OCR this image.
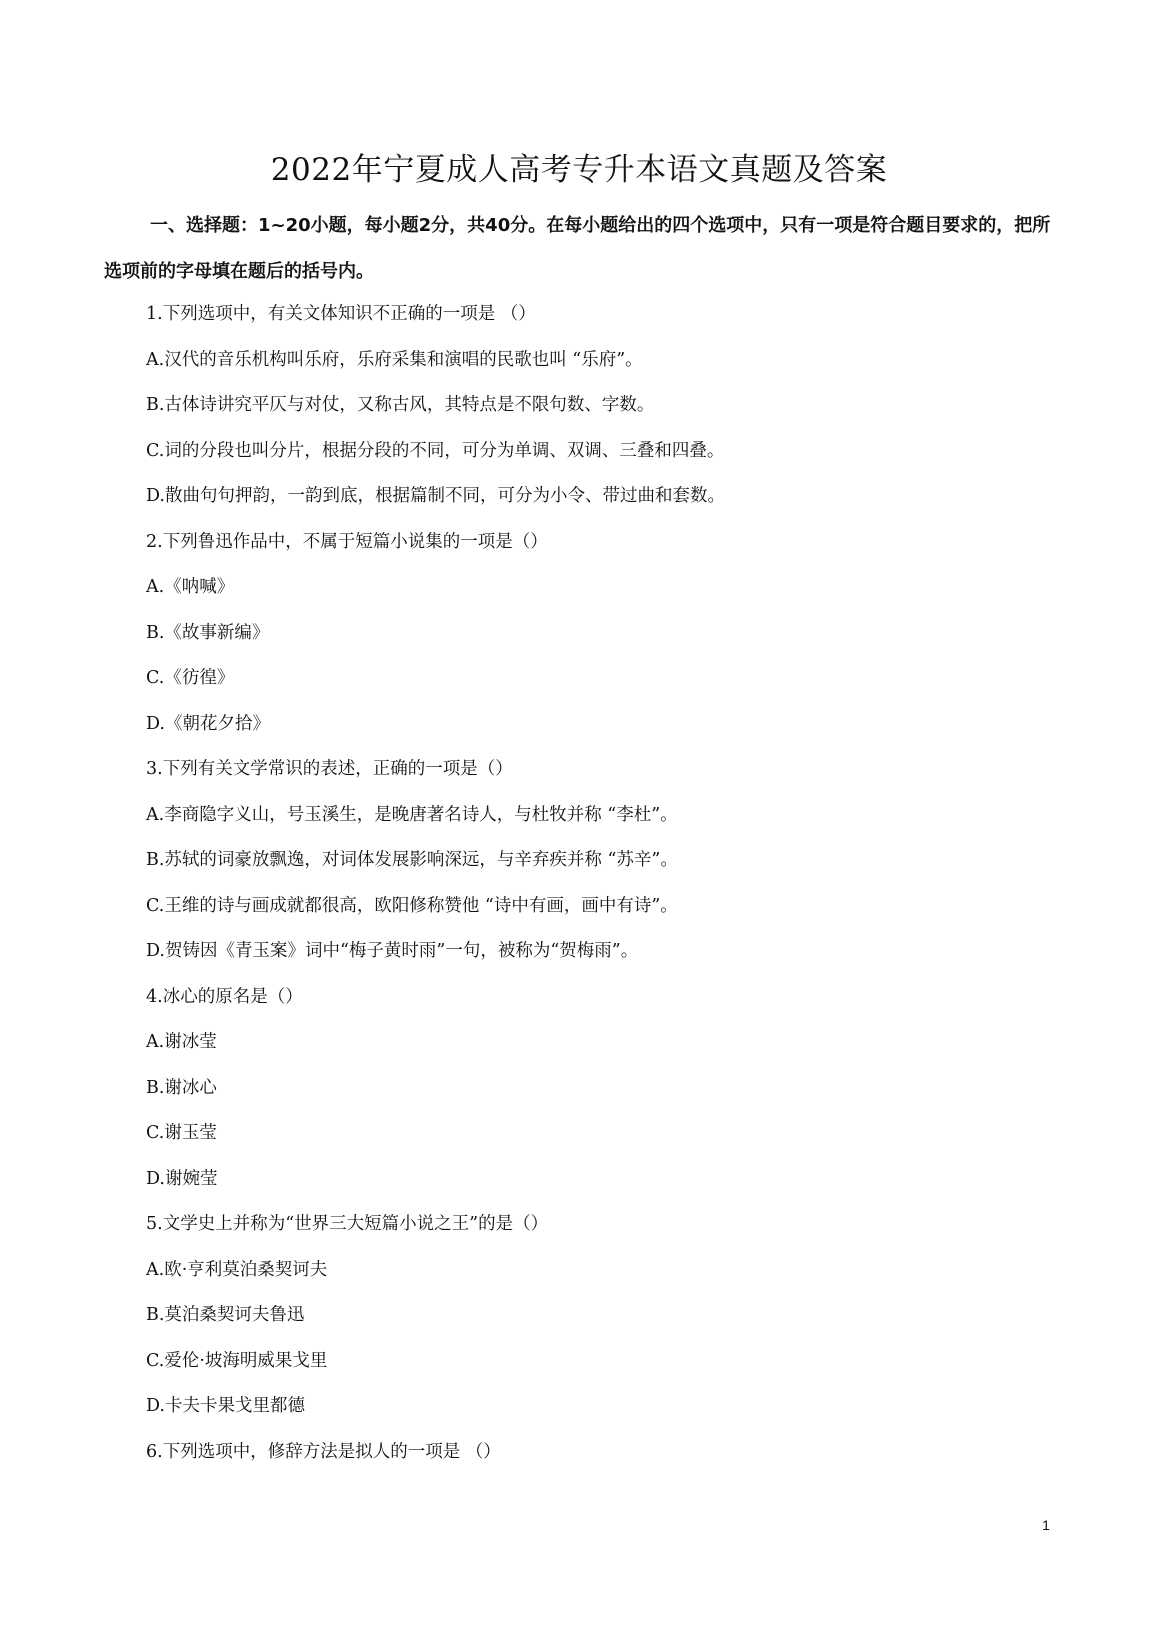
2022年宁夏成人高考专升本语文真题及答案
一、选择题：1~20小题，每小题2分，共40分。在每小题给出的四个选项中，只有一项是符合题目要求的，把所选项前的字母填在题后的括号内。
1.下列选项中，有关文体知识不正确的一项是 （）
A.汉代的音乐机构叫乐府，乐府采集和演唱的民歌也叫 “乐府”。
B.古体诗讲究平仄与对仗，又称古风，其特点是不限句数、字数。
C.词的分段也叫分片，根据分段的不同，可分为单调、双调、三叠和四叠。
D.散曲句句押韵，一韵到底，根据篇制不同，可分为小令、带过曲和套数。
2.下列鲁迅作品中，不属于短篇小说集的一项是（）
A.《呐喊》
B.《故事新编》
C.《彷徨》
D.《朝花夕拾》
3.下列有关文学常识的表述，正确的一项是（）
A.李商隐字义山，号玉溪生，是晚唐著名诗人，与杜牧并称 “李杜”。
B.苏轼的词豪放飘逸，对词体发展影响深远，与辛弃疾并称 “苏辛”。
C.王维的诗与画成就都很高，欧阳修称赞他 “诗中有画，画中有诗”。
D.贺铸因《青玉案》词中“梅子黄时雨”一句，被称为“贺梅雨”。
4.冰心的原名是（）
A.谢冰莹
B.谢冰心
C.谢玉莹
D.谢婉莹
5.文学史上并称为“世界三大短篇小说之王”的是（）
A.欧·亨利莫泊桑契诃夫
B.莫泊桑契诃夫鲁迅
C.爱伦·坡海明威果戈里
D.卡夫卡果戈里都德
6.下列选项中，修辞方法是拟人的一项是 （）
1
